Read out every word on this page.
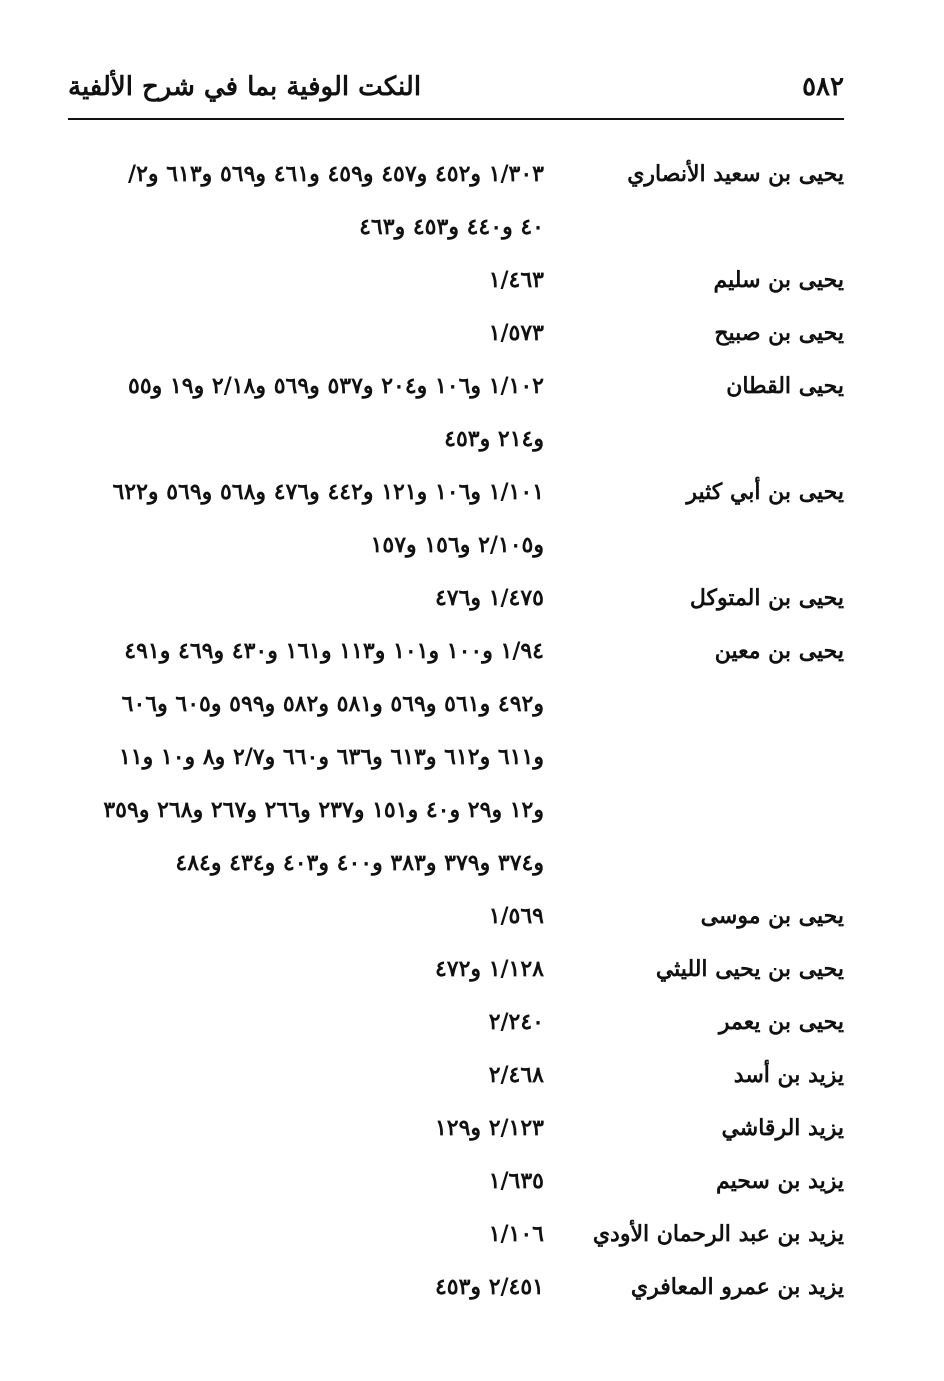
٥٨٢
النكت الوفية بما في شرح الألفية
يحيى بن سعيد الأنصاري
١/٣٠٣ و٤٥٢ و٤٥٧ و٤٥٩ و٤٦١ و٥٦٩ و٦١٣ و٢/
٤٠ و٤٤٠ و٤٥٣ و٤٦٣
يحيى بن سليم
١/٤٦٣
يحيى بن صبيح
١/٥٧٣
يحيى القطان
١/١٠٢ و١٠٦ و٢٠٤ و٥٣٧ و٥٦٩ و٢/١٨ و١٩ و٥٥
و٢١٤ و٤٥٣
يحيى بن أبي كثير
١/١٠١ و١٠٦ و١٢١ و٤٤٢ و٤٧٦ و٥٦٨ و٥٦٩ و٦٢٢
و٢/١٠٥ و١٥٦ و١٥٧
يحيى بن المتوكل
١/٤٧٥ و٤٧٦
يحيى بن معين
١/٩٤ و١٠٠ و١٠١ و١١٣ و١٦١ و٤٣٠ و٤٦٩ و٤٩١
و٤٩٢ و٥٦١ و٥٦٩ و٥٨١ و٥٨٢ و٥٩٩ و٦٠٥ و٦٠٦
و٦١١ و٦١٢ و٦١٣ و٦٣٦ و٦٦٠ و٢/٧ و٨ و١٠ و١١
و١٢ و٢٩ و٤٠ و١٥١ و٢٣٧ و٢٦٦ و٢٦٧ و٢٦٨ و٣٥٩
و٣٧٤ و٣٧٩ و٣٨٣ و٤٠٠ و٤٠٣ و٤٣٤ و٤٨٤
يحيى بن موسى
١/٥٦٩
يحيى بن يحيى الليثي
١/١٢٨ و٤٧٢
يحيى بن يعمر
٢/٢٤٠
يزيد بن أسد
٢/٤٦٨
يزيد الرقاشي
٢/١٢٣ و١٢٩
يزيد بن سحيم
١/٦٣٥
يزيد بن عبد الرحمان الأودي
١/١٠٦
يزيد بن عمرو المعافري
٢/٤٥١ و٤٥٣
